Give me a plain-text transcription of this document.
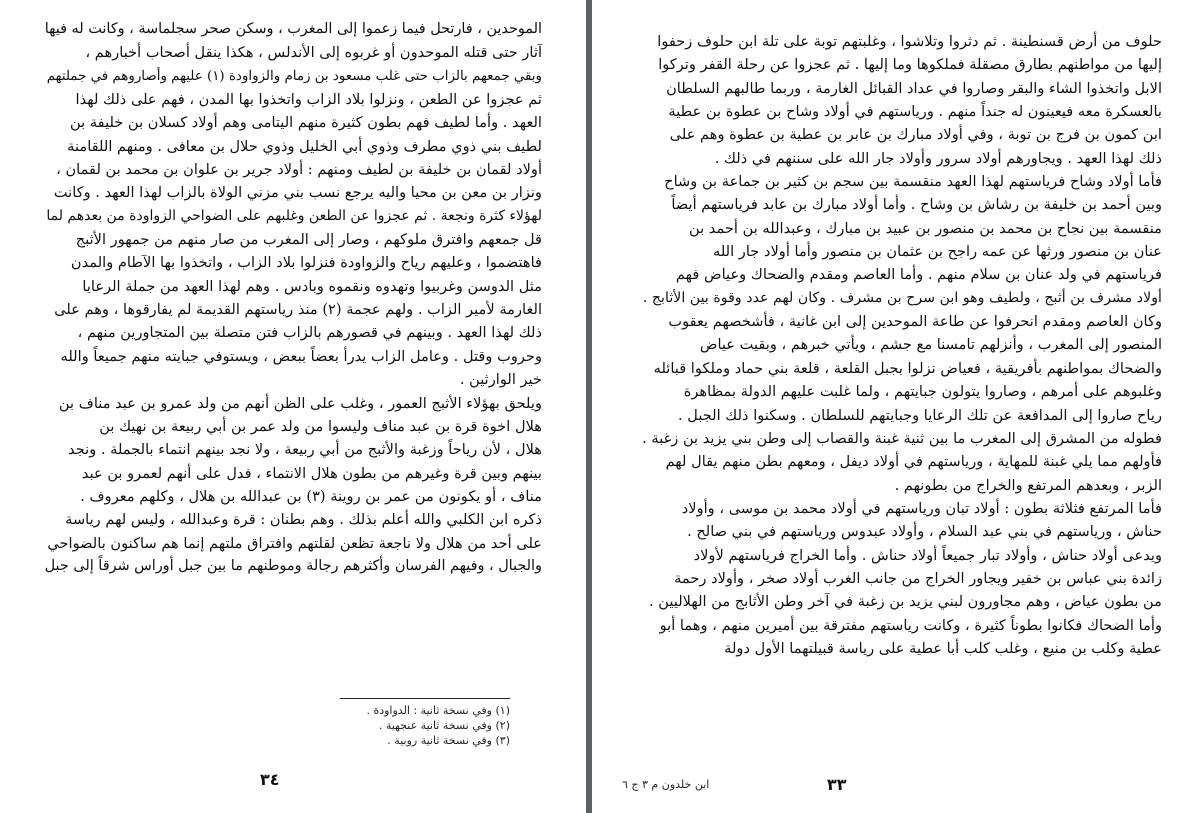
الموحدين ، فارتحل فيما زعموا إلى المغرب ، وسكن صحر سجلماسة ، وكانت له فيها
آثار حتى قتله الموحدون أو غربوه إلى الأندلس ، هكذا ينقل أصحاب أخبارهم ،
وبقي جمعهم بالزاب حتى غلب مسعود بن زمام والزواودة (١) عليهم وأصاروهم في جملتهم
ثم عجزوا عن الطعن ، ونزلوا بلاد الزاب واتخذوا بها المدن ، فهم على ذلك لهذا
العهد . وأما لطيف فهم بطون كثيرة منهم اليتامى وهم أولاد كسلان بن خليفة بن
لطيف بني ذوي مطرف وذوي أبي الخليل وذوي حلال بن معافى . ومنهم اللقامنة
أولاد لقمان بن خليفة بن لطيف ومنهم : أولاد جرير بن علوان بن محمد بن لقمان ،
ونزار بن معن بن محيا واليه يرجع نسب بني مزني الولاة بالزاب لهذا العهد . وكانت
لهؤلاء كثرة ونجعة . ثم عجزوا عن الطعن وغلبهم على الضواحي الزواودة من بعدهم لما
قل جمعهم وافترق ملوكهم ، وصار إلى المغرب من صار منهم من جمهور الأثبج
فاهتضموا ، وعليهم رياح والزواودة فنزلوا بلاد الزاب ، واتخذوا بها الآطام والمدن
مثل الدوسن وغربيوا وتهدوه ونقموه وبادس . وهم لهذا العهد من جملة الرعايا
الغارمة لأمير الزاب . ولهم عجمة (٢) منذ رياستهم القديمة لم يفارقوها ، وهم على
ذلك لهذا العهد . وبينهم في قصورهم بالزاب فتن متصلة بين المتجاورين منهم ،
وحروب وقتل . وعامل الزاب يدرأ بعضاً ببعض ، ويستوفي جبايته منهم جميعاً والله
خير الوارثين .
ويلحق بهؤلاء الأثبج العمور ، وغلب على الظن أنهم من ولد عمرو بن عبد مناف بن
هلال اخوة قرة بن عبد مناف وليسوا من ولد عمر بن أبي ربيعة بن نهيك بن
هلال ، لأن رياحاً وزغبة والأثبج من أبي ربيعة ، ولا نجد بينهم انتماء بالجملة . ونجد
بينهم وبين قرة وغيرهم من بطون هلال الانتماء ، فدل على أنهم لعمرو بن عبد
مناف ، أو يكونون من عمر بن روينة (٣) بن عبدالله بن هلال ، وكلهم معروف .
ذكره ابن الكلبي والله أعلم بذلك . وهم بطنان : قرة وعبدالله ، وليس لهم رياسة
على أحد من هلال ولا ناجعة تظعن لقلتهم وافتراق ملتهم إنما هم ساكنون بالضواحي
والجبال ، وفيهم الفرسان وأكثرهم رجالة وموطنهم ما بين جبل أوراس شرقاً إلى جبل
(١) وفي نسخة ثانية : الدواودة .
(٢) وفي نسخة ثانية عنجهية .
(٣) وفي نسخة ثانية روبية .
٣٤
حلوف من أرض قسنطينة . ثم دثروا وتلاشوا ، وغلبتهم توبة على تلة ابن حلوف زحفوا
إليها من مواطنهم بطارق مصقلة فملكوها وما إليها . ثم عجزوا عن رحلة القفر وتركوا
الابل واتخذوا الشاء والبقر وصاروا في عداد القبائل الغارمة ، وربما طالبهم السلطان
بالعسكرة معه فيعينون له جنداً منهم . ورياستهم في أولاد وشاح بن عطوة بن عطية
ابن كمون بن فرج بن توبة ، وفي أولاد مبارك بن عابر بن عطية بن عطوة وهم على
ذلك لهذا العهد . ويجاورهم أولاد سرور وأولاد جار الله على سننهم في ذلك .
فأما أولاد وشاح فرياستهم لهذا العهد منقسمة بين سجم بن كثير بن جماعة بن وشاح
وبين أحمد بن خليفة بن رشاش بن وشاح . وأما أولاد مبارك بن عابد فرياستهم أيضاً
منقسمة بين نجاح بن محمد بن منصور بن عبيد بن مبارك ، وعبدالله بن أحمد بن
عنان بن منصور ورثها عن عمه راجح بن عثمان بن منصور وأما أولاد جار الله
فرياستهم في ولد عنان بن سلام منهم . وأما العاصم ومقدم والضحاك وعياض فهم
أولاد مشرف بن أثبج ، ولطيف وهو ابن سرح بن مشرف . وكان لهم عدد وقوة بين الأثابج .
وكان العاصم ومقدم انحرفوا عن طاعة الموحدين إلى ابن غانية ، فأشخصهم يعقوب
المنصور إلى المغرب ، وأنزلهم تامسنا مع جشم ، ويأتي خبرهم ، وبقيت عياض
والضحاك بمواطنهم بأفريقية ، فعياض نزلوا بجبل القلعة ، قلعة بني حماد وملكوا قبائله
وغلبوهم على أمرهم ، وصاروا يتولون جبايتهم ، ولما غلبت عليهم الدولة بمظاهرة
رياح صاروا إلى المدافعة عن تلك الرعايا وجبايتهم للسلطان . وسكنوا ذلك الجبل .
فطوله من المشرق إلى المغرب ما بين ثنية غبنة والقصاب إلى وطن بني يزيد بن زغبة .
فأولهم مما يلي غبنة للمهاية ، ورياستهم في أولاد ديفل ، ومعهم بطن منهم يقال لهم
الزبر ، وبعدهم المرتفع والخراج من بطونهم .
فأما المرتفع فثلاثة بطون : أولاد تبان ورياستهم في أولاد محمد بن موسى ، وأولاد
حناش ، ورياستهم في بني عبد السلام ، وأولاد عبدوس ورياستهم في بني صالح .
ويدعى أولاد حناش ، وأولاد تبار جميعاً أولاد حناش . وأما الخراج فرياستهم لأولاد
زائدة بني عباس بن خفير ويجاور الخراج من جانب الغرب أولاد صخر ، وأولاد رحمة
من بطون عياض ، وهم مجاورون لبني يزيد بن زغبة في آخر وطن الأثابج من الهلاليين .
وأما الضحاك فكانوا بطوناً كثيرة ، وكانت رياستهم مفترقة بين أميرين منهم ، وهما أبو
عطية وكلب بن منيع ، وغلب كلب أبا عطية على رياسة قبيلتهما الأول دولة
٣٣
ابن خلدون م ٣ ج ٦
